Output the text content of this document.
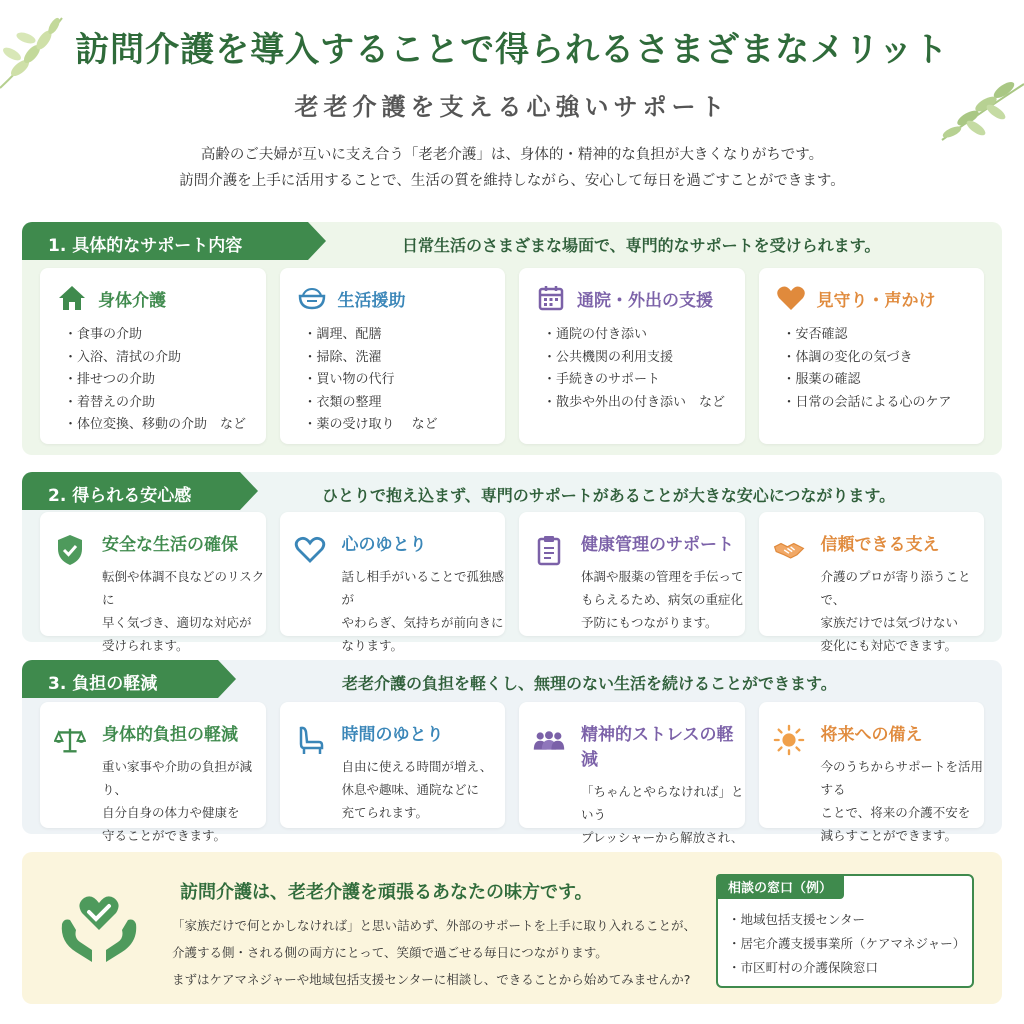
訪問介護を導入することで得られるさまざまなメリット
老老介護を支える心強いサポート
高齢のご夫婦が互いに支え合う「老老介護」は、身体的・精神的な負担が大きくなりがちです。
訪問介護を上手に活用することで、生活の質を維持しながら、安心して毎日を過ごすことができます。
1. 具体的なサポート内容	日常生活のさまざまな場面で、専門的なサポートを受けられます。
身体介護
・ 食事の介助
・ 入浴、清拭の介助
・ 排せつの介助
・ 着替えの介助
・ 体位変換、移動の介助　など
生活援助
・ 調理、配膳
・ 掃除、洗濯
・ 買い物の代行
・ 衣類の整理
・ 薬の受け取り　 など
通院・外出の支援
・ 通院の付き添い
・ 公共機関の利用支援
・ 手続きのサポート
・ 散歩や外出の付き添い　など
見守り・声かけ
・ 安否確認
・ 体調の変化の気づき
・ 服薬の確認
・ 日常の会話による心のケア
2. 得られる安心感	ひとりで抱え込まず、専門のサポートがあることが大きな安心につながります。
安全な生活の確保
転倒や体調不良などのリスクに
早く気づき、適切な対応が
受けられます。
心のゆとり
話し相手がいることで孤独感が
やわらぎ、気持ちが前向きに
なります。
健康管理のサポート
体調や服薬の管理を手伝って
もらえるため、病気の重症化
予防にもつながります。
信頼できる支え
介護のプロが寄り添うことで、
家族だけでは気づけない
変化にも対応できます。
3. 負担の軽減	老老介護の負担を軽くし、無理のない生活を続けることができます。
身体的負担の軽減
重い家事や介助の負担が減り、
自分自身の体力や健康を
守ることができます。
時間のゆとり
自由に使える時間が増え、
休息や趣味、通院などに
充てられます。
精神的ストレスの軽減
「ちゃんとやらなければ」という
プレッシャーから解放され、

将来への備え
今のうちからサポートを活用する
ことで、将来の介護不安を
減らすことができます。
訪問介護は、老老介護を頑張るあなたの味方です。
「家族だけで何とかしなければ」と思い詰めず、外部のサポートを上手に取り入れることが、
介護する側・される側の両方にとって、笑顔で過ごせる毎日につながります。
まずはケアマネジャーや地域包括支援センターに相談し、できることから始めてみませんか?
相談の窓口（例）
・ 地域包括支援センター
・ 居宅介護支援事業所（ケアマネジャー）
・ 市区町村の介護保険窓口
